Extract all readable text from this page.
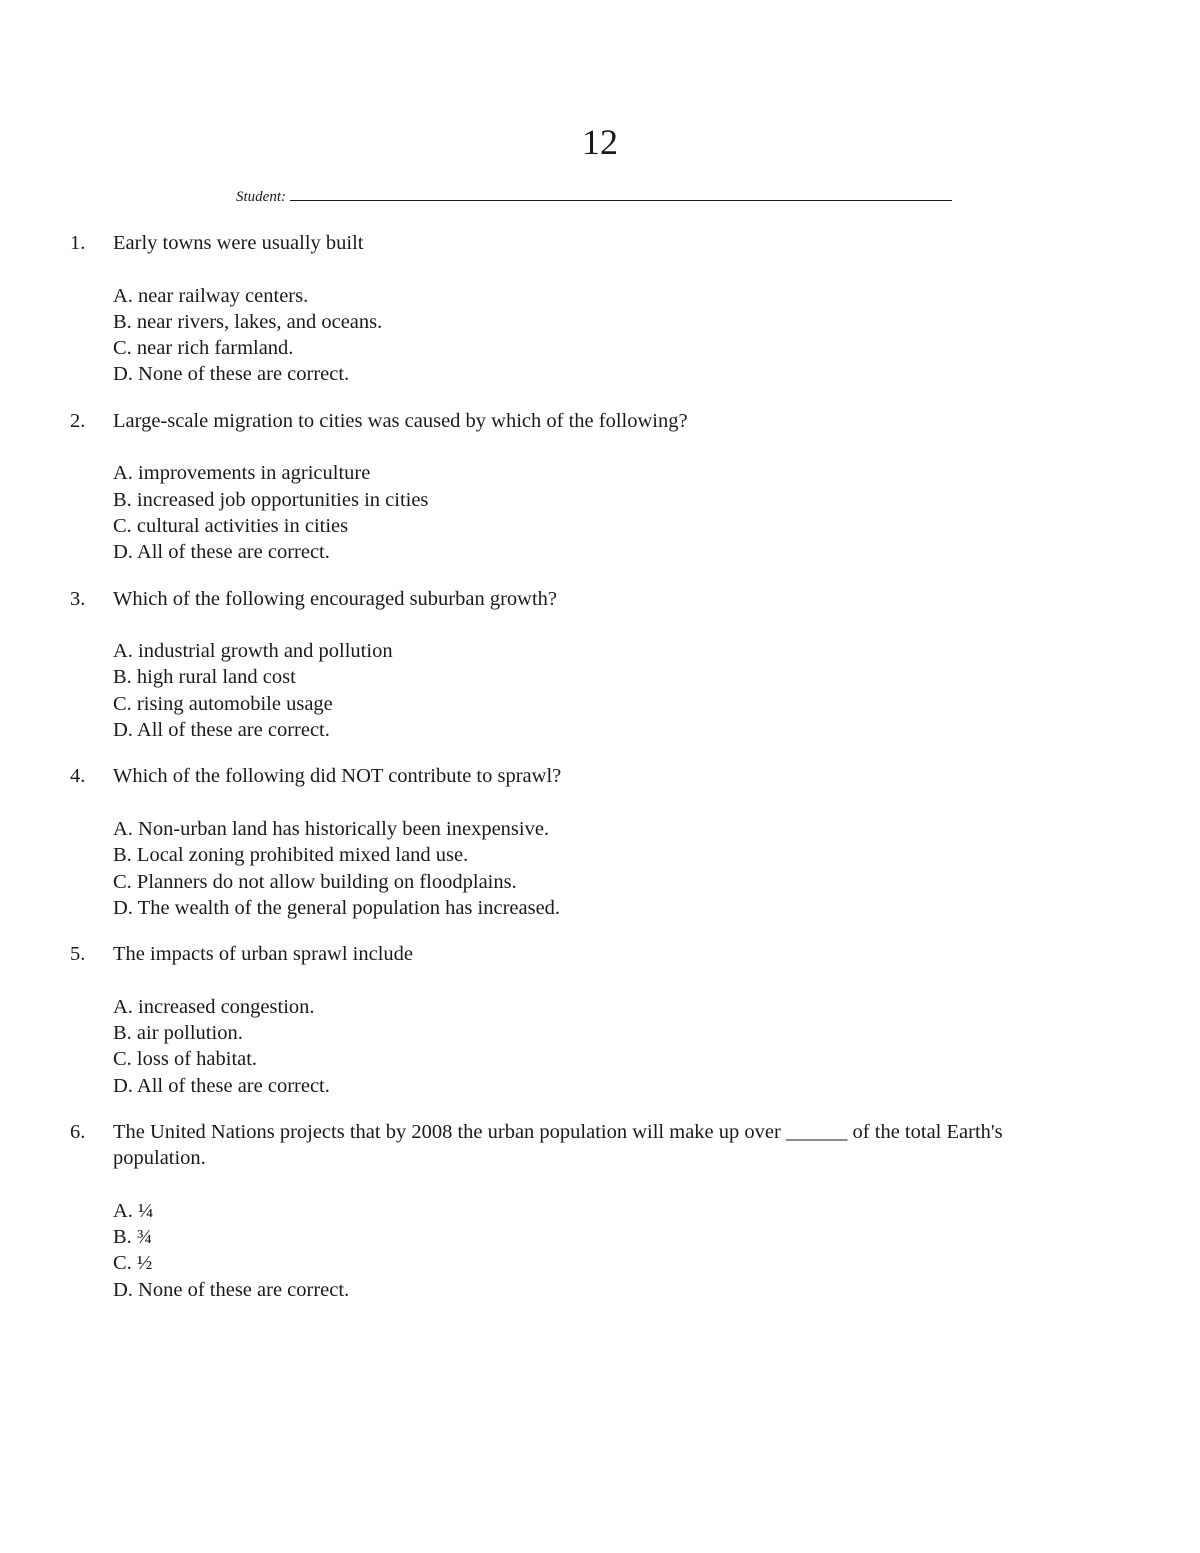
12
Student:
1. Early towns were usually built
A. near railway centers.
B. near rivers, lakes, and oceans.
C. near rich farmland.
D. None of these are correct.
2. Large-scale migration to cities was caused by which of the following?
A. improvements in agriculture
B. increased job opportunities in cities
C. cultural activities in cities
D. All of these are correct.
3. Which of the following encouraged suburban growth?
A. industrial growth and pollution
B. high rural land cost
C. rising automobile usage
D. All of these are correct.
4. Which of the following did NOT contribute to sprawl?
A. Non-urban land has historically been inexpensive.
B. Local zoning prohibited mixed land use.
C. Planners do not allow building on floodplains.
D. The wealth of the general population has increased.
5. The impacts of urban sprawl include
A. increased congestion.
B. air pollution.
C. loss of habitat.
D. All of these are correct.
6. The United Nations projects that by 2008 the urban population will make up over ______ of the total Earth's population.
A. ¼
B. ¾
C. ½
D. None of these are correct.
